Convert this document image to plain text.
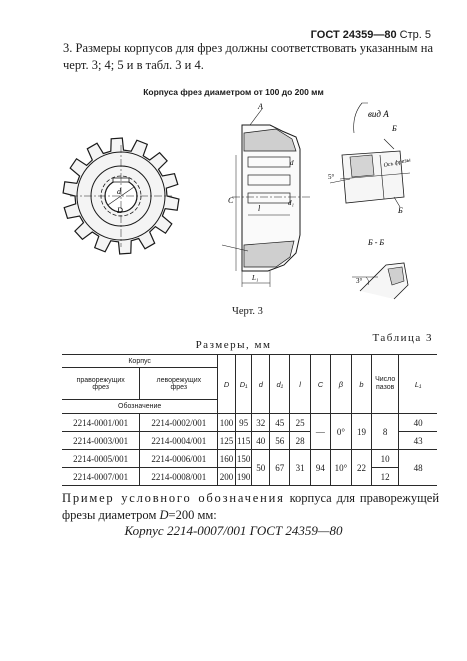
ГОСТ 24359—80 Стр. 5
3. Размеры корпусов для фрез должны соответствовать указанным на черт. 3; 4; 5 и в табл. 3 и 4.
Корпуса фрез диаметром от 100 до 200 мм
d
D
A
C
l
L₁
d
d₁
вид A
Б
Б
5°
Ось фрезы
Б - Б
3°
Черт. 3
Таблица 3
Размеры, мм
Корпус		D	D₁	d	d₁	l	C	β	b	Число пазов	L₁
праворежущих фрез	леворежущих фрез										
Обозначение											
2214-0001/001	2214-0002/001	100	95	32	45	25	—	0°	19	8	40
2214-0003/001	2214-0004/001	125	115	40	56	28					43
2214-0005/001	2214-0006/001	160	150	50	67	31	94	10°	22	10	48
2214-0007/001	2214-0008/001	200	190							12	
Пример условного обозначения корпуса для праворежущей фрезы диаметром D=200 мм:
Корпус 2214-0007/001 ГОСТ 24359—80
